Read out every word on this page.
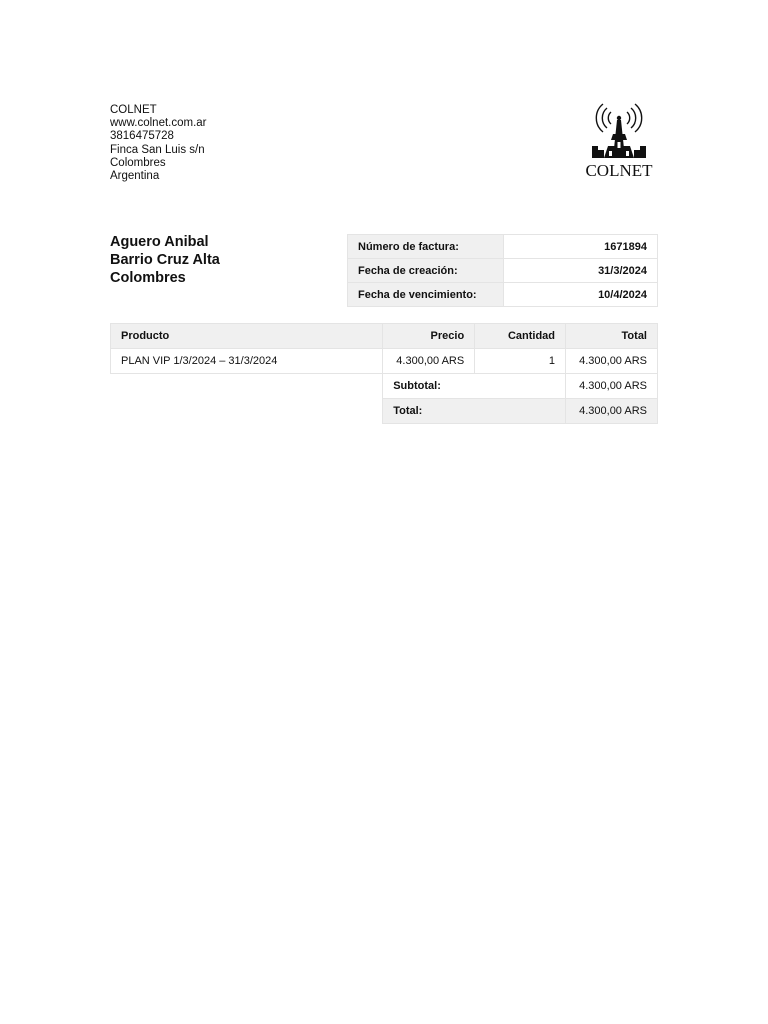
COLNET
www.colnet.com.ar
3816475728
Finca San Luis s/n
Colombres
Argentina	COLNET
Aguero Anibal
Barrio Cruz Alta
Colombres
Número de factura:	1671894
Fecha de creación:	31/3/2024
Fecha de vencimiento:	10/4/2024
Producto	Precio	Cantidad	Total
PLAN VIP 1/3/2024 – 31/3/2024	4.300,00 ARS	1	4.300,00 ARS
	Subtotal:		4.300,00 ARS
	Total:		4.300,00 ARS
